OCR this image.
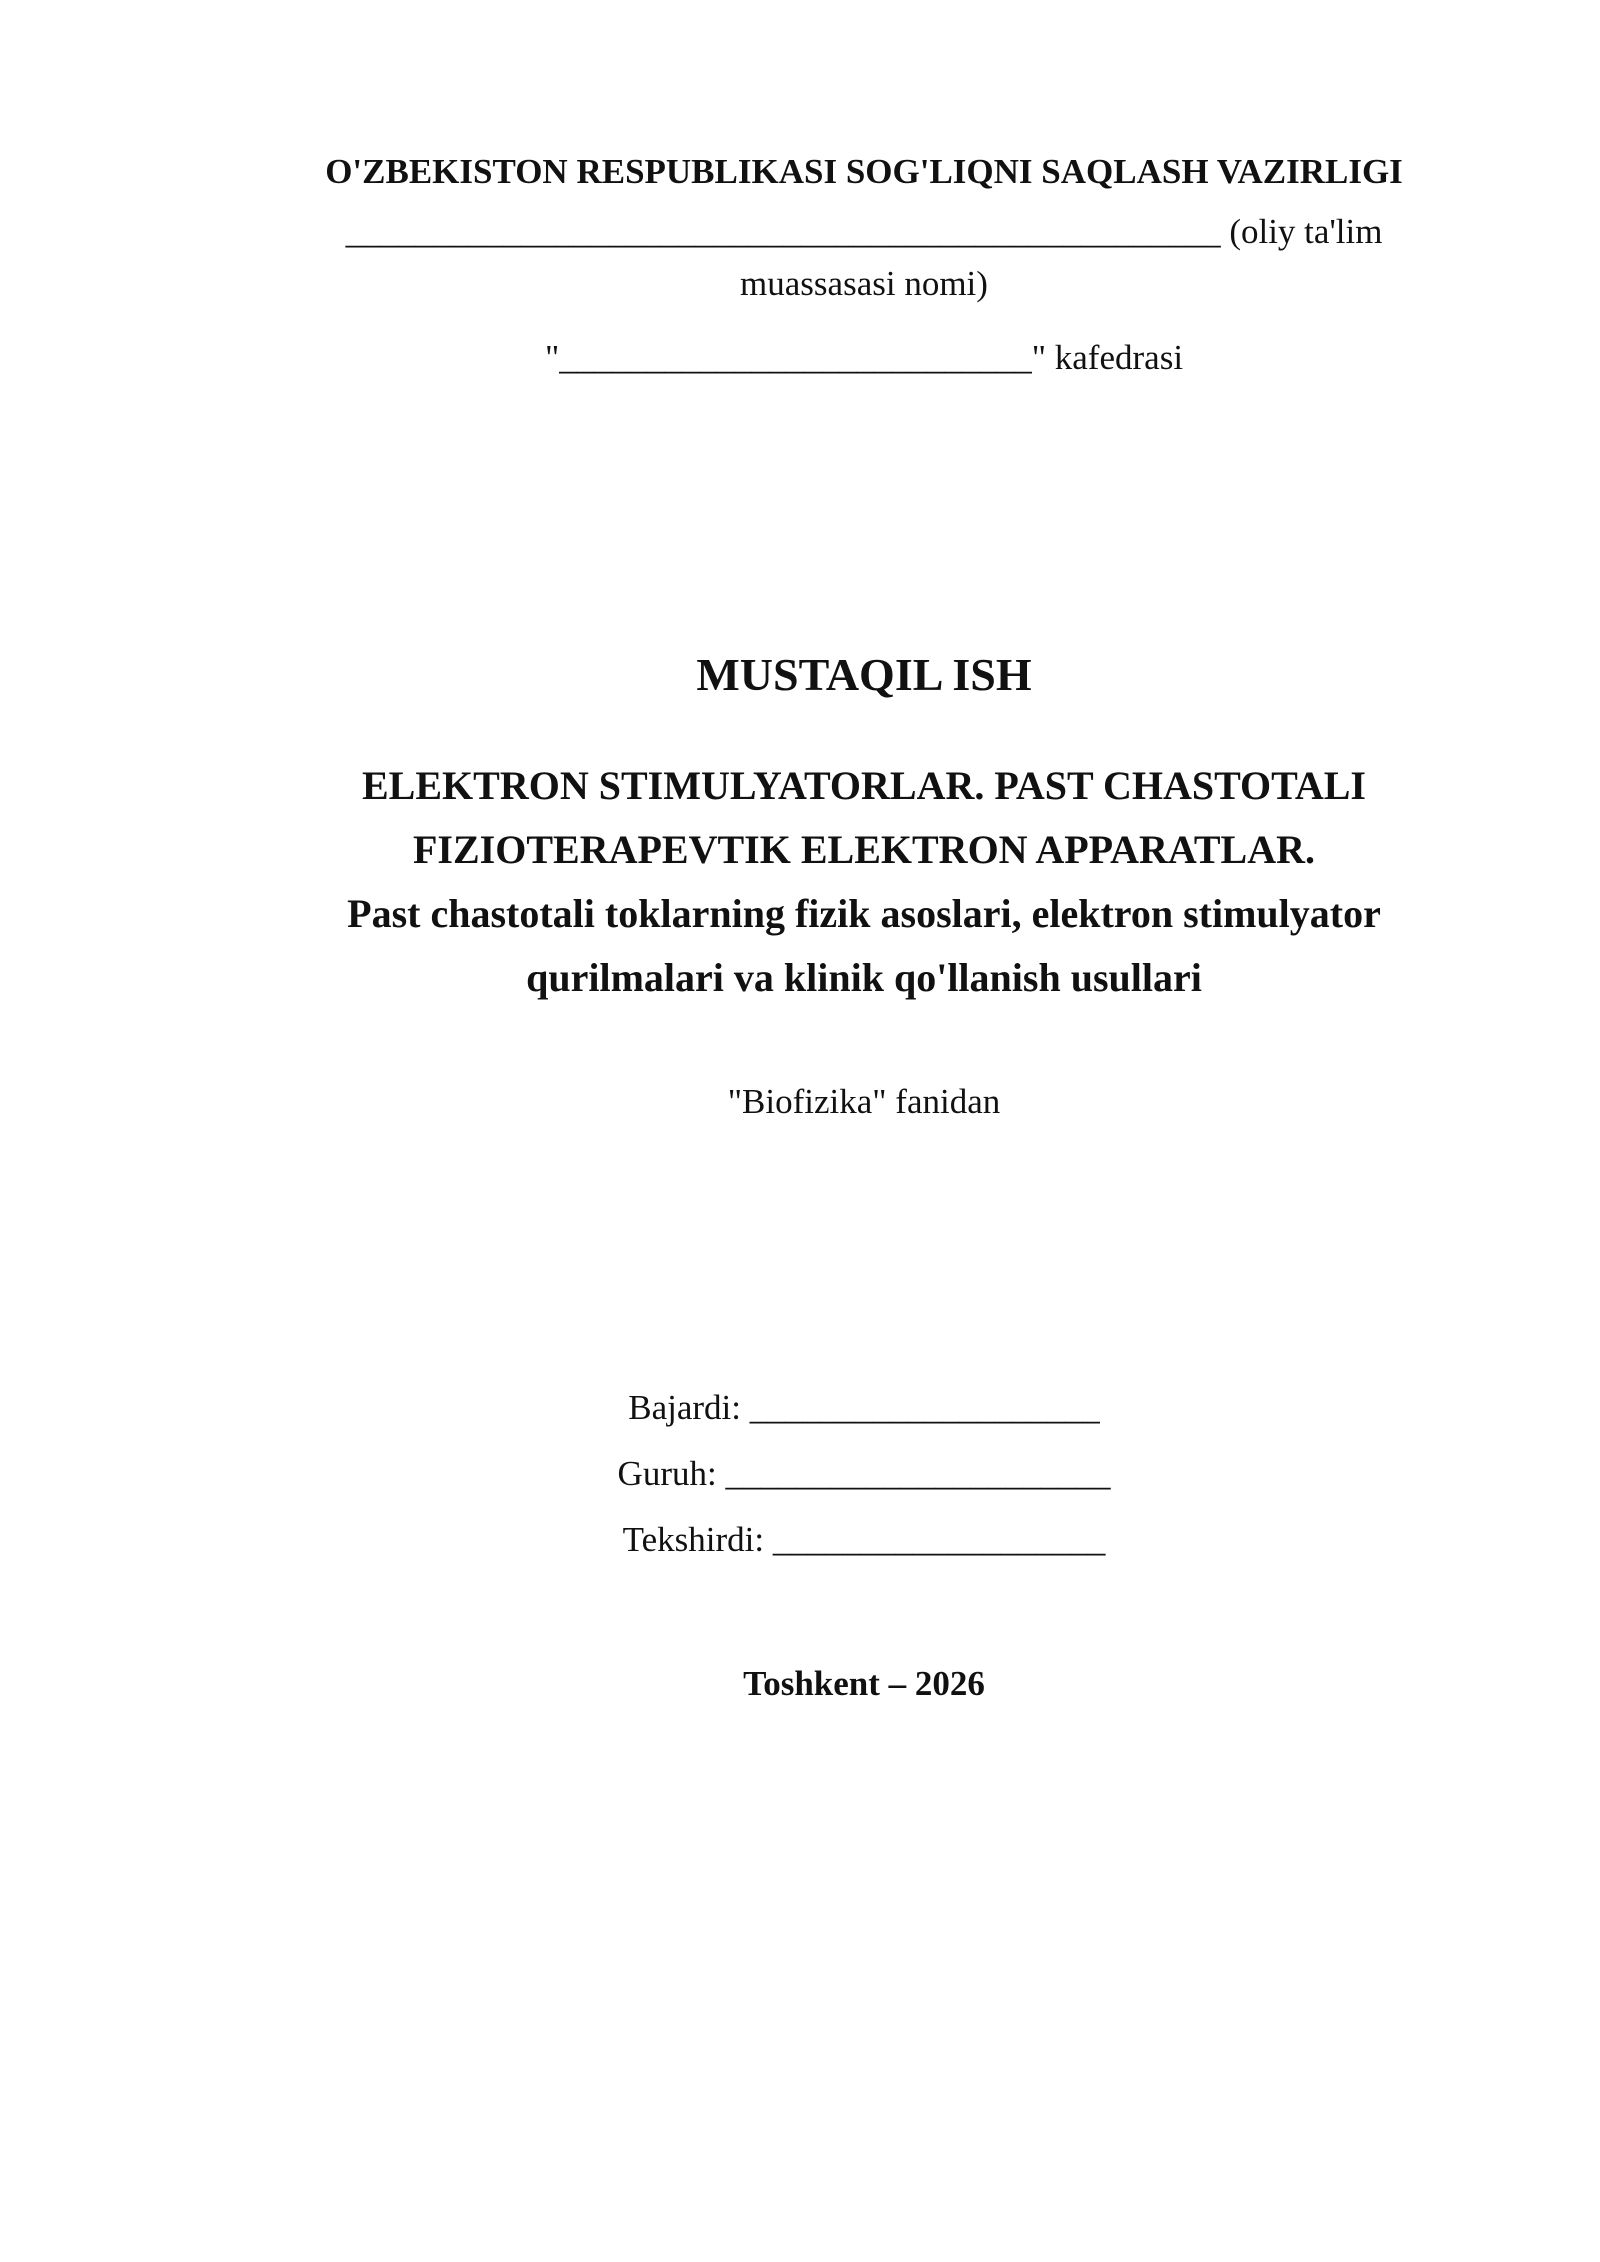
O'ZBEKISTON RESPUBLIKASI SOG'LIQNI SAQLASH VAZIRLIGI
__________________________________________________ (oliy ta'lim
muassasasi nomi)
"___________________________" kafedrasi
MUSTAQIL ISH
ELEKTRON STIMULYATORLAR. PAST CHASTOTALI
FIZIOTERAPEVTIK ELEKTRON APPARATLAR.
Past chastotali toklarning fizik asoslari, elektron stimulyator
qurilmalari va klinik qo'llanish usullari
"Biofizika" fanidan
Bajardi: ____________________
Guruh: ______________________
Tekshirdi: ___________________
Toshkent – 2026
